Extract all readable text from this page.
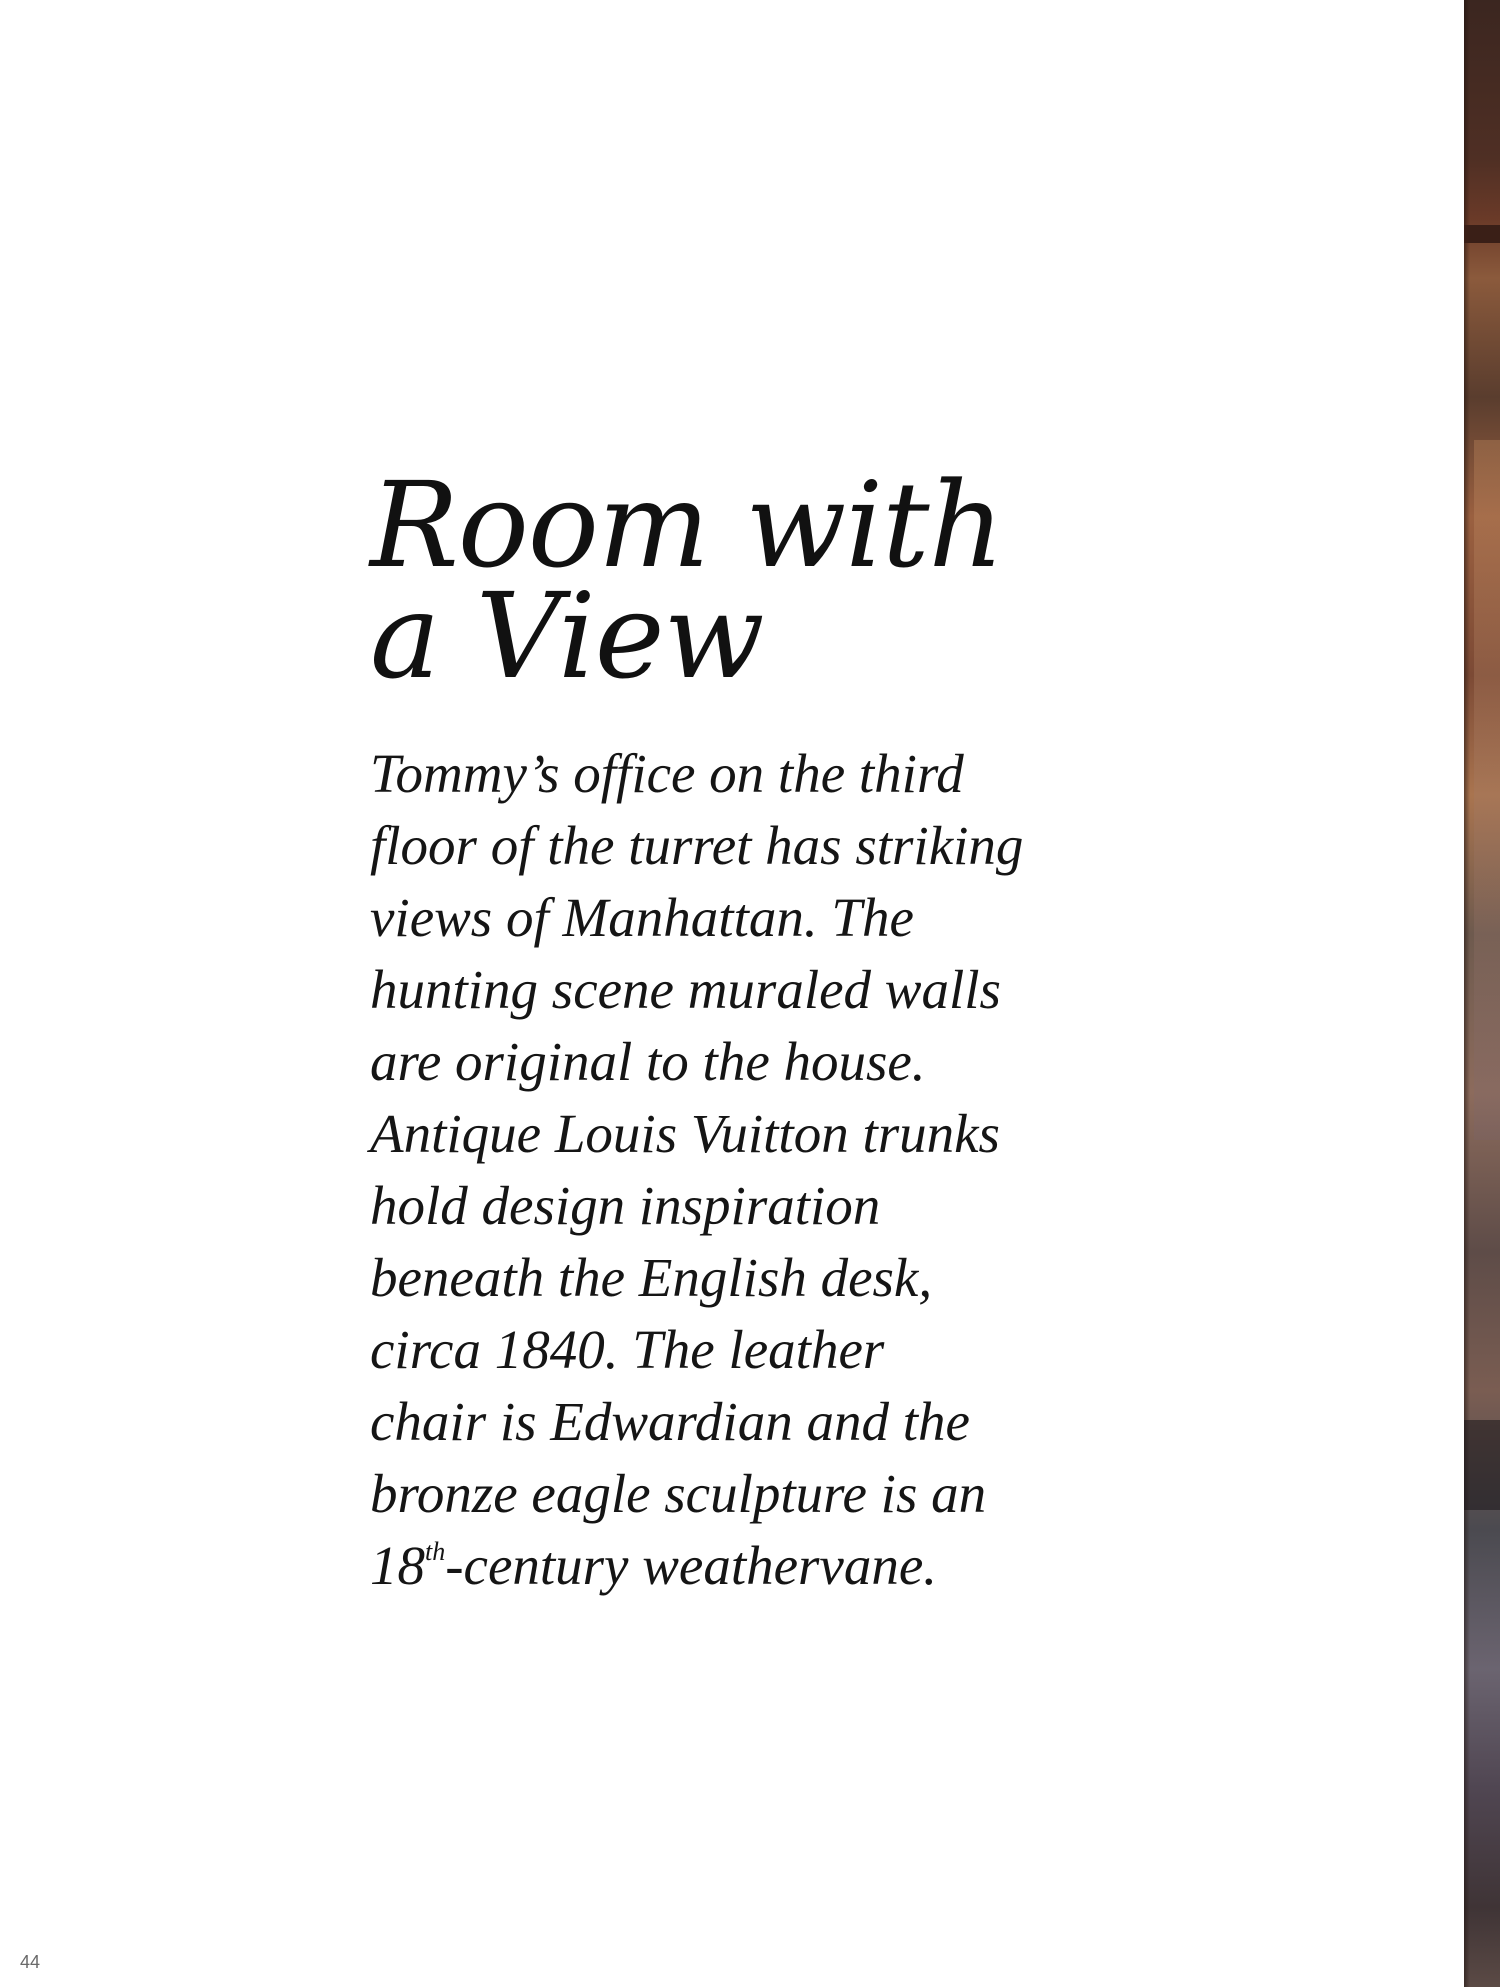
Room with
a View

Tommy’s office on the third
floor of the turret has striking
views of Manhattan. The
hunting scene muraled walls
are original to the house.
Antique Louis Vuitton trunks
hold design inspiration
beneath the English desk,
circa 1840. The leather
chair is Edwardian and the
bronze eagle sculpture is an
18th-century weathervane.

44
